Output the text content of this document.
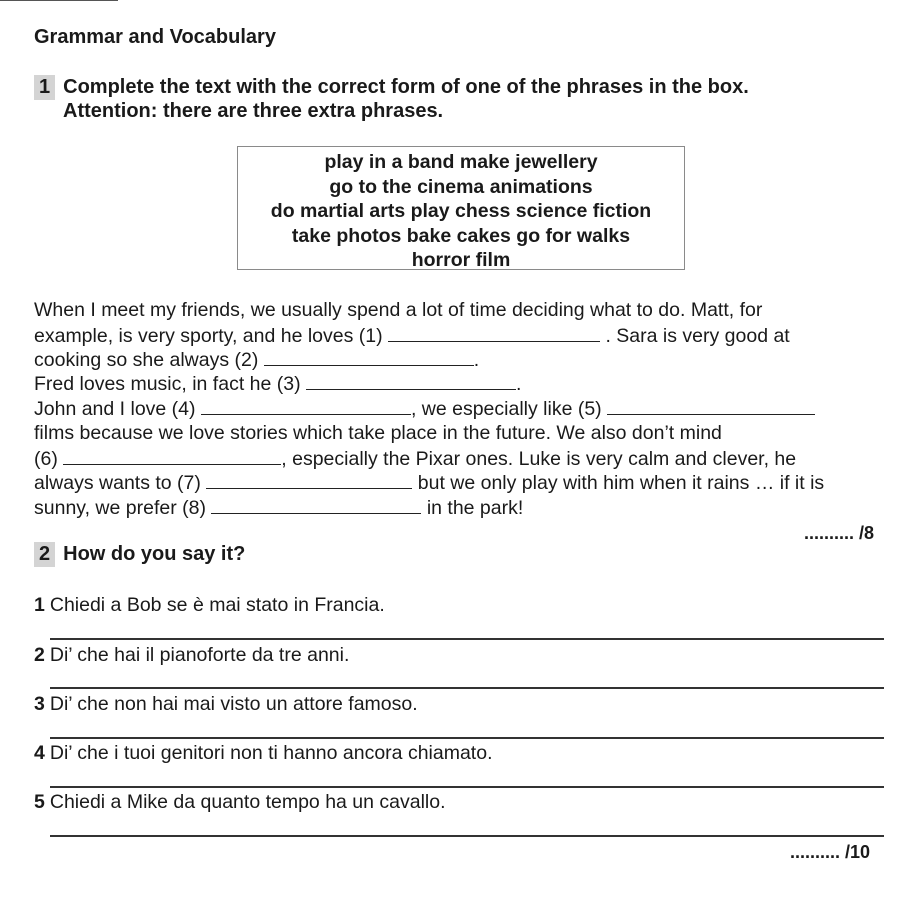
Grammar and Vocabulary
1 Complete the text with the correct form of one of the phrases in the box.
Attention: there are three extra phrases.
play in a band make jewellery
go to the cinema animations
do martial arts play chess science fiction
take photos bake cakes go for walks
horror film
When I meet my friends, we usually spend a lot of time deciding what to do. Matt, for
example, is very sporty, and he loves (1)	. Sara is very good at
cooking so she always (2)	.
Fred loves music, in fact he (3)	.
John and I love (4)	, we especially like (5)
films because we love stories which take place in the future. We also don’t mind
(6)	, especially the Pixar ones. Luke is very calm and clever, he
always wants to (7)	but we only play with him when it rains … if it is
sunny, we prefer (8)	in the park!
.......... /8
2 How do you say it?
1 Chiedi a Bob se è mai stato in Francia.
2 Di’ che hai il pianoforte da tre anni.
3 Di’ che non hai mai visto un attore famoso.
4 Di’ che i tuoi genitori non ti hanno ancora chiamato.
5 Chiedi a Mike da quanto tempo ha un cavallo.
.......... /10
